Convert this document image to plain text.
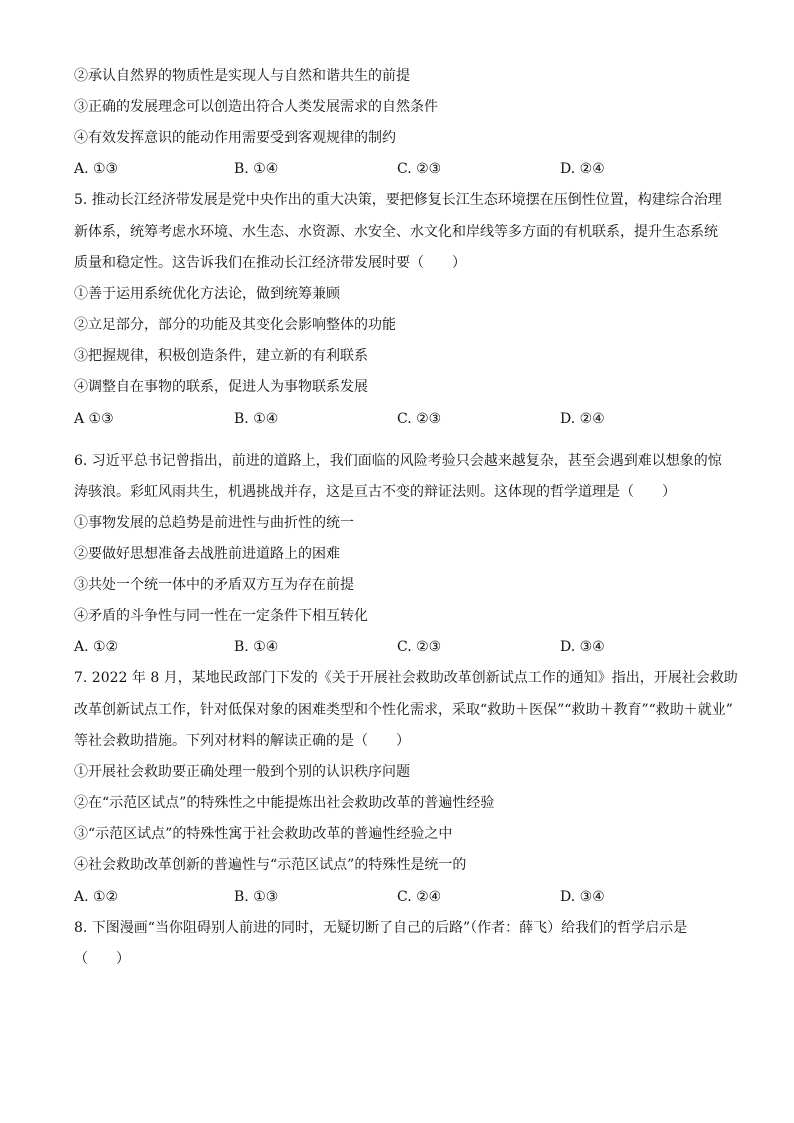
②承认自然界的物质性是实现人与自然和谐共生的前提
③正确的发展理念可以创造出符合人类发展需求的自然条件
④有效发挥意识的能动作用需要受到客观规律的制约
A. ①③	B. ①④	C. ②③	D. ②④
5. 推动长江经济带发展是党中央作出的重大决策，要把修复长江生态环境摆在压倒性位置，构建综合治理
新体系，统筹考虑水环境、水生态、水资源、水安全、水文化和岸线等多方面的有机联系，提升生态系统
质量和稳定性。这告诉我们在推动长江经济带发展时要（　　）
①善于运用系统优化方法论，做到统筹兼顾
②立足部分，部分的功能及其变化会影响整体的功能
③把握规律，积极创造条件，建立新的有利联系
④调整自在事物的联系，促进人为事物联系发展
A ①③	B. ①④	C. ②③	D. ②④
6. 习近平总书记曾指出，前进的道路上，我们面临的风险考验只会越来越复杂，甚至会遇到难以想象的惊
涛骇浪。彩虹风雨共生，机遇挑战并存，这是亘古不变的辩证法则。这体现的哲学道理是（　　）
①事物发展的总趋势是前进性与曲折性的统一
②要做好思想准备去战胜前进道路上的困难
③共处一个统一体中的矛盾双方互为存在前提
④矛盾的斗争性与同一性在一定条件下相互转化
A. ①②	B. ①④	C. ②③	D. ③④
7. 2022 年 8 月，某地民政部门下发的《关于开展社会救助改革创新试点工作的通知》指出，开展社会救助
改革创新试点工作，针对低保对象的困难类型和个性化需求，采取“救助＋医保”“救助＋教育”“救助＋就业”
等社会救助措施。下列对材料的解读正确的是（　　）
①开展社会救助要正确处理一般到个别的认识秩序问题
②在“示范区试点”的特殊性之中能提炼出社会救助改革的普遍性经验
③“示范区试点”的特殊性寓于社会救助改革的普遍性经验之中
④社会救助改革创新的普遍性与“示范区试点”的特殊性是统一的
A. ①②	B. ①③	C. ②④	D. ③④
8. 下图漫画“当你阻碍别人前进的同时，无疑切断了自己的后路”（作者：薛飞）给我们的哲学启示是
（　　）
